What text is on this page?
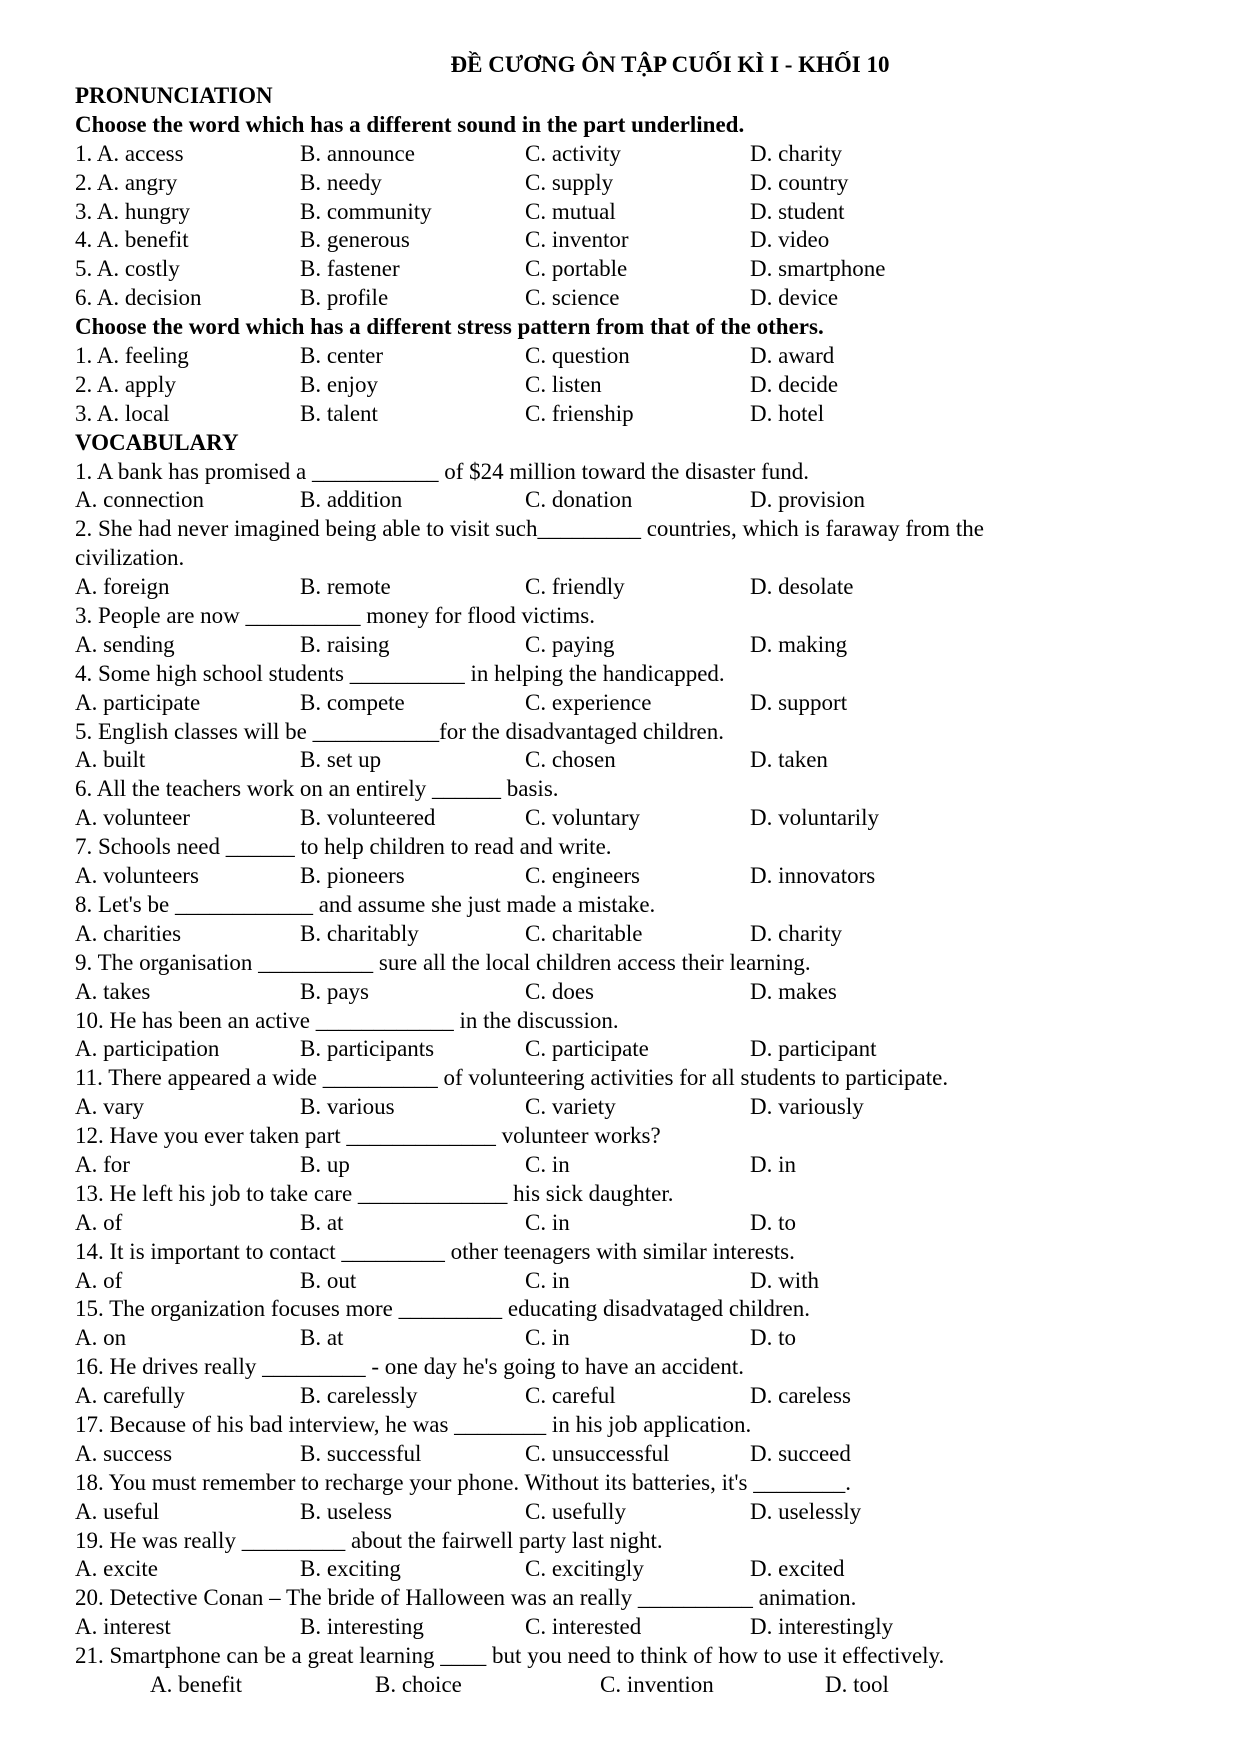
ĐỀ CƯƠNG ÔN TẬP CUỐI KÌ I - KHỐI 10
PRONUNCIATION
Choose the word which has a different sound in the part underlined.
1. A. access	B. announce	C. activity	D. charity
2. A. angry	B. needy	C. supply	D. country
3. A. hungry	B. community	C. mutual	D. student
4. A. benefit	B. generous	C. inventor	D. video
5. A. costly	B. fastener	C. portable	D. smartphone
6. A. decision	B. profile	C. science	D. device
Choose the word which has a different stress pattern from that of the others.
1. A. feeling	B. center	C. question	D. award
2. A. apply	B. enjoy	C. listen	D. decide
3. A. local	B. talent	C. frienship	D. hotel
VOCABULARY
1. A bank has promised a ___________ of $24 million toward the disaster fund.
A. connection	B. addition	C. donation	D. provision
2. She had never imagined being able to visit such_________ countries, which is faraway from the
civilization.
A. foreign	B. remote	C. friendly	D. desolate
3. People are now __________ money for flood victims.
A. sending	B. raising	C. paying	D. making
4. Some high school students __________ in helping the handicapped.
A. participate	B. compete	C. experience	D. support
5. English classes will be ___________for the disadvantaged children.
A. built	B. set up	C. chosen	D. taken
6. All the teachers work on an entirely ______ basis.
A. volunteer	B. volunteered	C. voluntary	D. voluntarily
7. Schools need ______ to help children to read and write.
A. volunteers	B. pioneers	C. engineers	D. innovators
8. Let's be ____________ and assume she just made a mistake.
A. charities	B. charitably	C. charitable	D. charity
9. The organisation __________ sure all the local children access their learning.
A. takes	B. pays	C. does	D. makes
10. He has been an active ____________ in the discussion.
A. participation	B. participants	C. participate	D. participant
11. There appeared a wide __________ of volunteering activities for all students to participate.
A. vary	B. various	C. variety	D. variously
12. Have you ever taken part _____________ volunteer works?
A. for	B. up	C. in	D. in
13. He left his job to take care _____________ his sick daughter.
A. of	B. at	C. in	D. to
14. It is important to contact _________ other teenagers with similar interests.
A. of	B. out	C. in	D. with
15. The organization focuses more _________ educating disadvataged children.
A. on	B. at	C. in	D. to
16. He drives really _________ - one day he's going to have an accident.
A. carefully	B. carelessly	C. careful	D. careless
17. Because of his bad interview, he was ________ in his job application.
A. success	B. successful	C. unsuccessful	D. succeed
18. You must remember to recharge your phone. Without its batteries, it's ________.
A. useful	B. useless	C. usefully	D. uselessly
19. He was really _________ about the fairwell party last night.
A. excite	B. exciting	C. excitingly	D. excited
20. Detective Conan – The bride of Halloween was an really __________ animation.
A. interest	B. interesting	C. interested	D. interestingly
21. Smartphone can be a great learning ____ but you need to think of how to use it effectively.
A. benefit	B. choice	C. invention	D. tool
